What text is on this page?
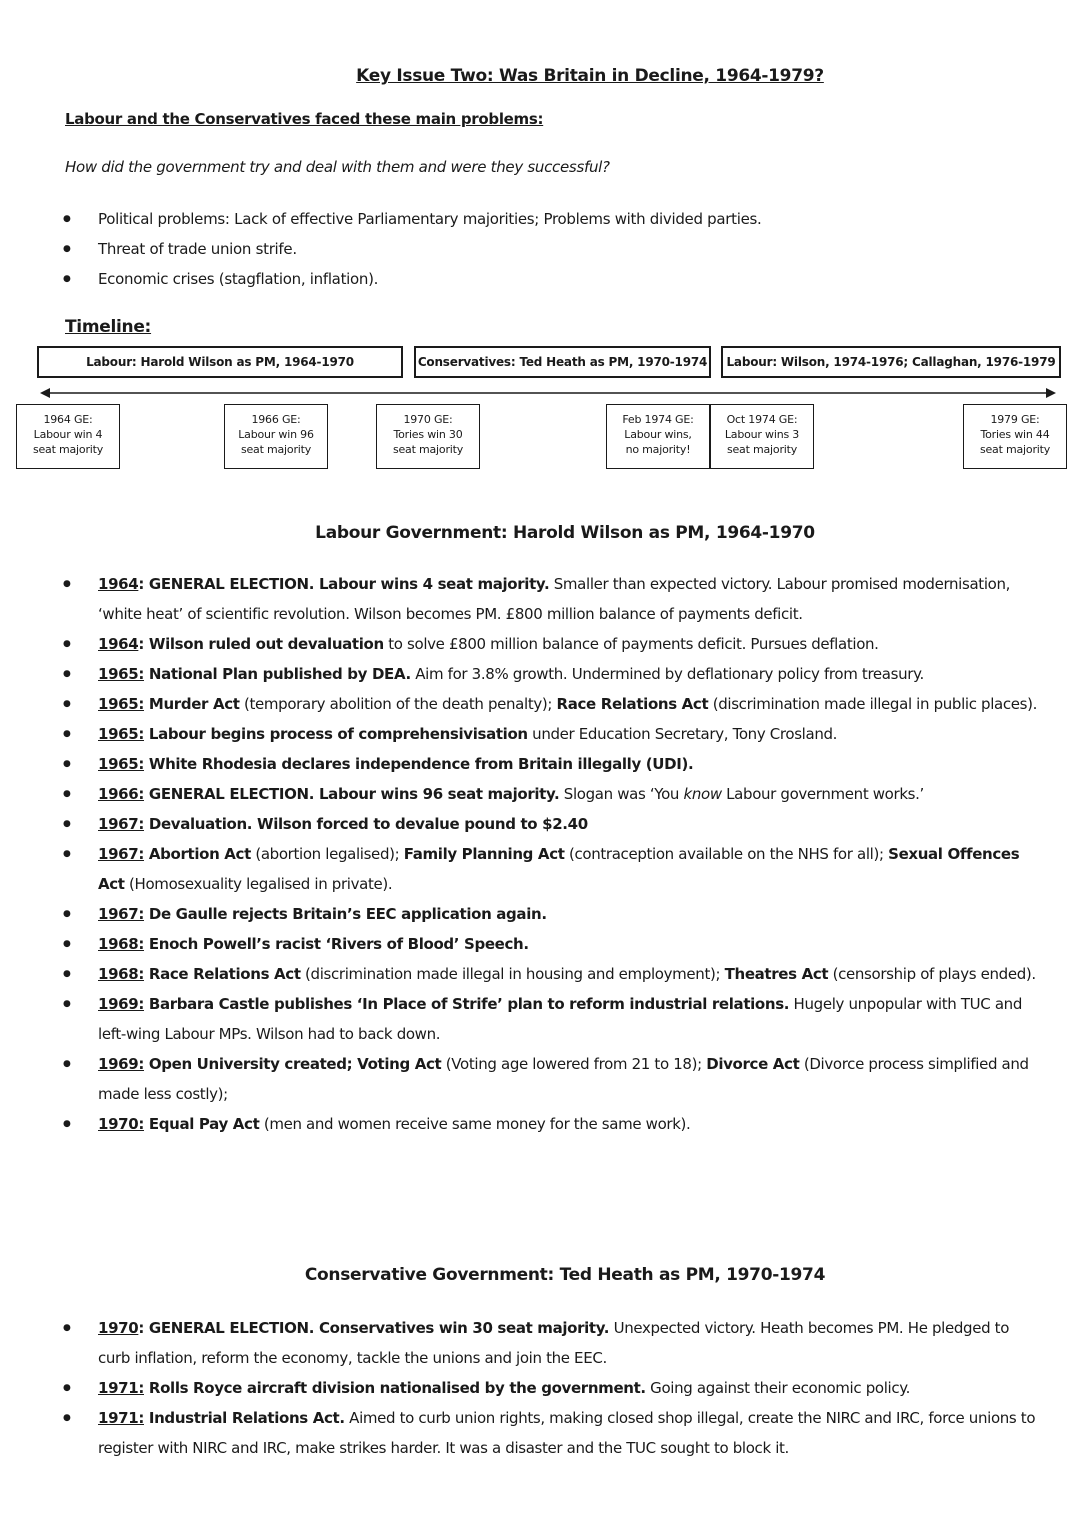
Key Issue Two: Was Britain in Decline, 1964-1979?
Labour and the Conservatives faced these main problems:
How did the government try and deal with them and were they successful?
● Political problems: Lack of effective Parliamentary majorities; Problems with divided parties.
● Threat of trade union strife.
● Economic crises (stagflation, inflation).
Timeline:
Labour: Harold Wilson as PM, 1964-1970	Conservatives: Ted Heath as PM, 1970-1974	Labour: Wilson, 1974-1976; Callaghan, 1976-1979
1964 GE:
Labour win 4
seat majority
1966 GE:
Labour win 96
seat majority
1970 GE:
Tories win 30
seat majority
Feb 1974 GE:
Labour wins,
no majority!
Oct 1974 GE:
Labour wins 3
seat majority
1979 GE:
Tories win 44
seat majority
Labour Government: Harold Wilson as PM, 1964-1970
● 1964: GENERAL ELECTION. Labour wins 4 seat majority. Smaller than expected victory. Labour promised modernisation, ‘white heat’ of scientific revolution. Wilson becomes PM. £800 million balance of payments deficit.
● 1964: Wilson ruled out devaluation to solve £800 million balance of payments deficit. Pursues deflation.
● 1965: National Plan published by DEA. Aim for 3.8% growth. Undermined by deflationary policy from treasury.
● 1965: Murder Act (temporary abolition of the death penalty); Race Relations Act (discrimination made illegal in public places).
● 1965: Labour begins process of comprehensivisation under Education Secretary, Tony Crosland.
● 1965: White Rhodesia declares independence from Britain illegally (UDI).
● 1966: GENERAL ELECTION. Labour wins 96 seat majority. Slogan was ‘You know Labour government works.’
● 1967: Devaluation. Wilson forced to devalue pound to $2.40
● 1967: Abortion Act (abortion legalised); Family Planning Act (contraception available on the NHS for all); Sexual Offences Act (Homosexuality legalised in private).
● 1967: De Gaulle rejects Britain’s EEC application again.
● 1968: Enoch Powell’s racist ‘Rivers of Blood’ Speech.
● 1968: Race Relations Act (discrimination made illegal in housing and employment); Theatres Act (censorship of plays ended).
● 1969: Barbara Castle publishes ‘In Place of Strife’ plan to reform industrial relations. Hugely unpopular with TUC and left-wing Labour MPs. Wilson had to back down.
● 1969: Open University created; Voting Act (Voting age lowered from 21 to 18); Divorce Act (Divorce process simplified and made less costly);
● 1970: Equal Pay Act (men and women receive same money for the same work).
Conservative Government: Ted Heath as PM, 1970-1974
● 1970: GENERAL ELECTION. Conservatives win 30 seat majority. Unexpected victory. Heath becomes PM. He pledged to curb inflation, reform the economy, tackle the unions and join the EEC.
● 1971: Rolls Royce aircraft division nationalised by the government. Going against their economic policy.
● 1971: Industrial Relations Act. Aimed to curb union rights, making closed shop illegal, create the NIRC and IRC, force unions to register with NIRC and IRC, make strikes harder. It was a disaster and the TUC sought to block it.
